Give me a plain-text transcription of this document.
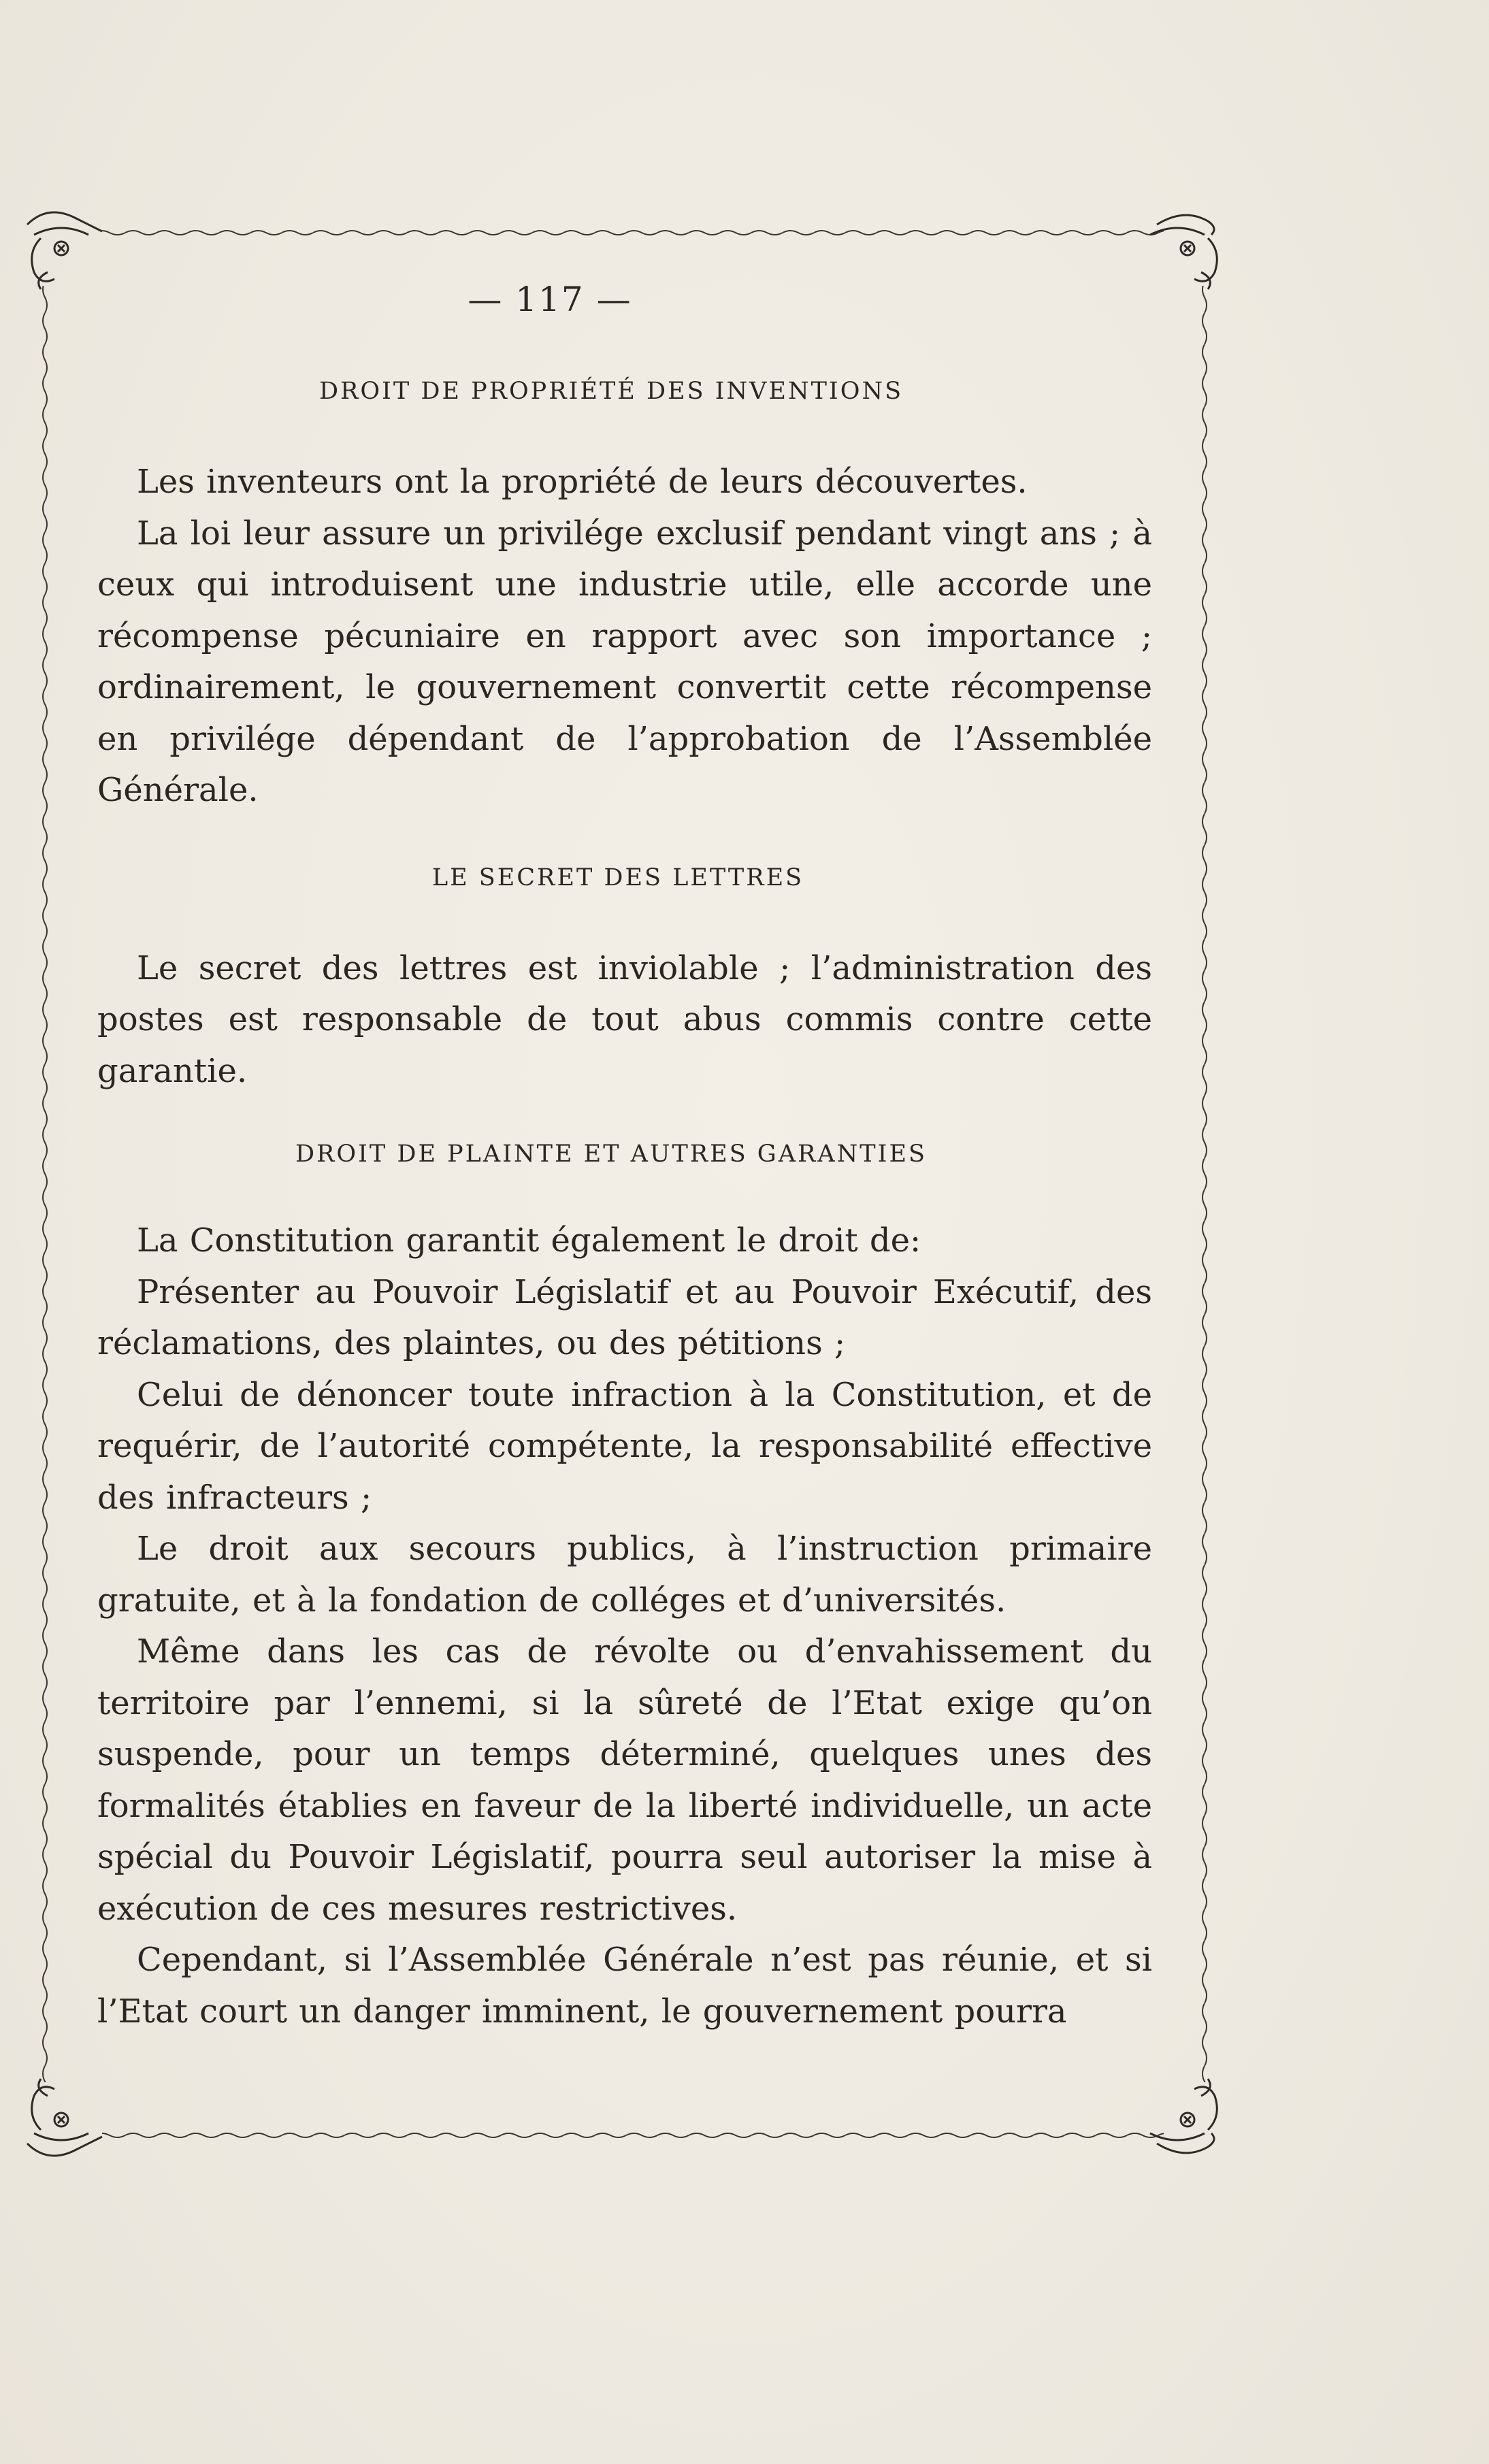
— 117 —

DROIT DE PROPRIÉTÉ DES INVENTIONS

Les inventeurs ont la propriété de leurs découvertes.

La loi leur assure un privilége exclusif pendant vingt ans ; à ceux qui introduisent une industrie utile, elle accorde une récompense pécuniaire en rapport avec son importance ; ordinairement, le gouvernement convertit cette récompense en privilége dépendant de l’approbation de l’Assemblée Générale.

LE SECRET DES LETTRES

Le secret des lettres est inviolable ; l’administration des postes est responsable de tout abus commis contre cette garantie.

DROIT DE PLAINTE ET AUTRES GARANTIES

La Constitution garantit également le droit de:

Présenter au Pouvoir Législatif et au Pouvoir Exécutif, des réclamations, des plaintes, ou des pétitions ;

Celui de dénoncer toute infraction à la Constitution, et de requérir, de l’autorité compétente, la responsabilité effective des infracteurs ;

Le droit aux secours publics, à l’instruction primaire gratuite, et à la fondation de colléges et d’universités.

Même dans les cas de révolte ou d’envahissement du territoire par l’ennemi, si la sûreté de l’Etat exige qu’on suspende, pour un temps déterminé, quelques unes des formalités établies en faveur de la liberté individuelle, un acte spécial du Pouvoir Législatif, pourra seul autoriser la mise à exécution de ces mesures restrictives.

Cependant, si l’Assemblée Générale n’est pas réunie, et si l’Etat court un danger imminent, le gouvernement pourra
